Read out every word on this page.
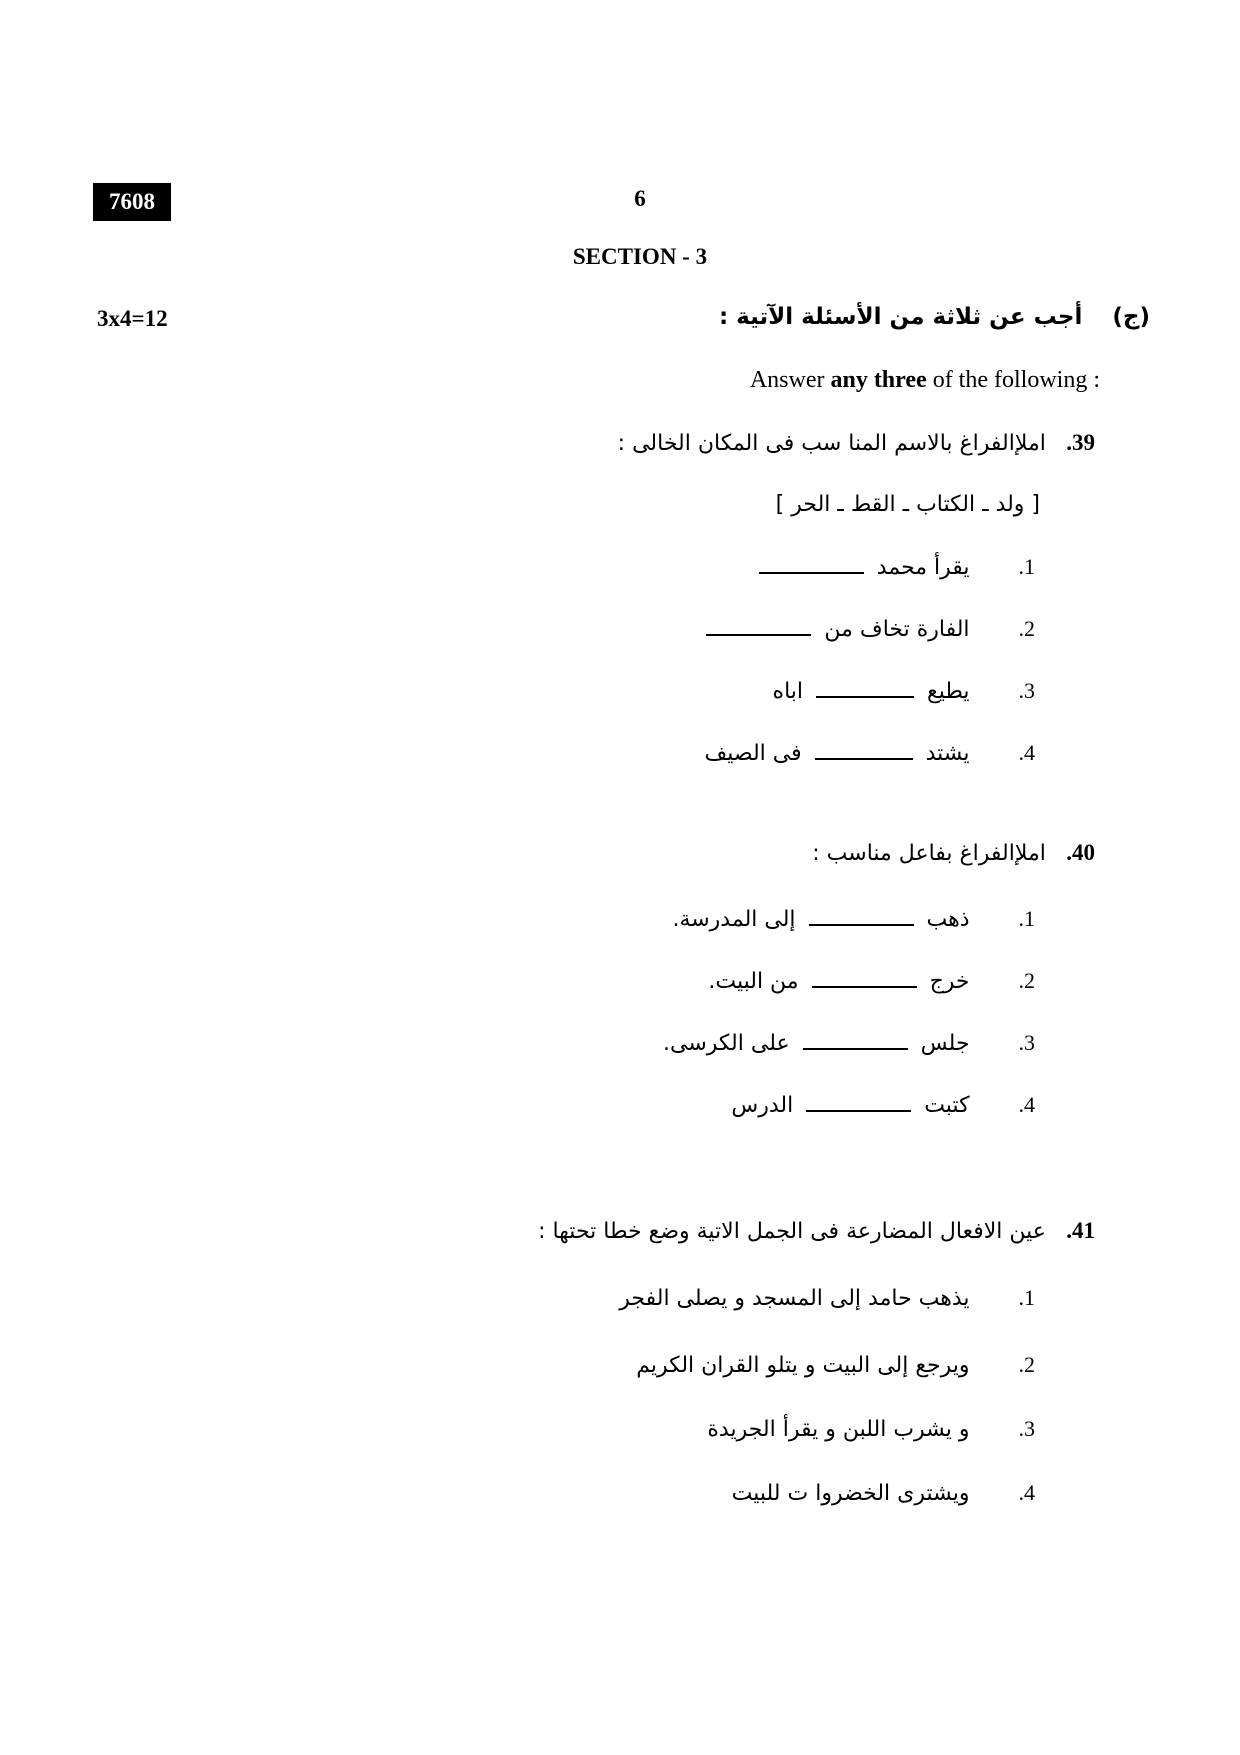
7608	6
SECTION - 3
3x4=12	(ج) أجب عن ثلاثة من الأسئلة الآتية :
Answer any three of the following :
39.    املإالفراغ بالاسم المنا سب فى المكان الخالى :
[ ولد ـ الكتاب ـ القط ـ الحر ]
1.       يقرأ محمد
2.       الفارة تخاف من
3.       يطيع  اباه
4.       يشتد  فى الصيف
40.    املإالفراغ بفاعل مناسب :
1.       ذهب  إلى المدرسة.
2.       خرج  من البيت.
3.       جلس  على الكرسى.
4.       كتبت  الدرس
41.    عين الافعال المضارعة فى الجمل الاتية وضع خطا تحتها :
1.       يذهب حامد إلى المسجد و يصلى الفجر
2.       ويرجع إلى البيت و يتلو القران الكريم
3.       و يشرب اللبن و يقرأ الجريدة
4.       ويشترى الخضروا ت للبيت
